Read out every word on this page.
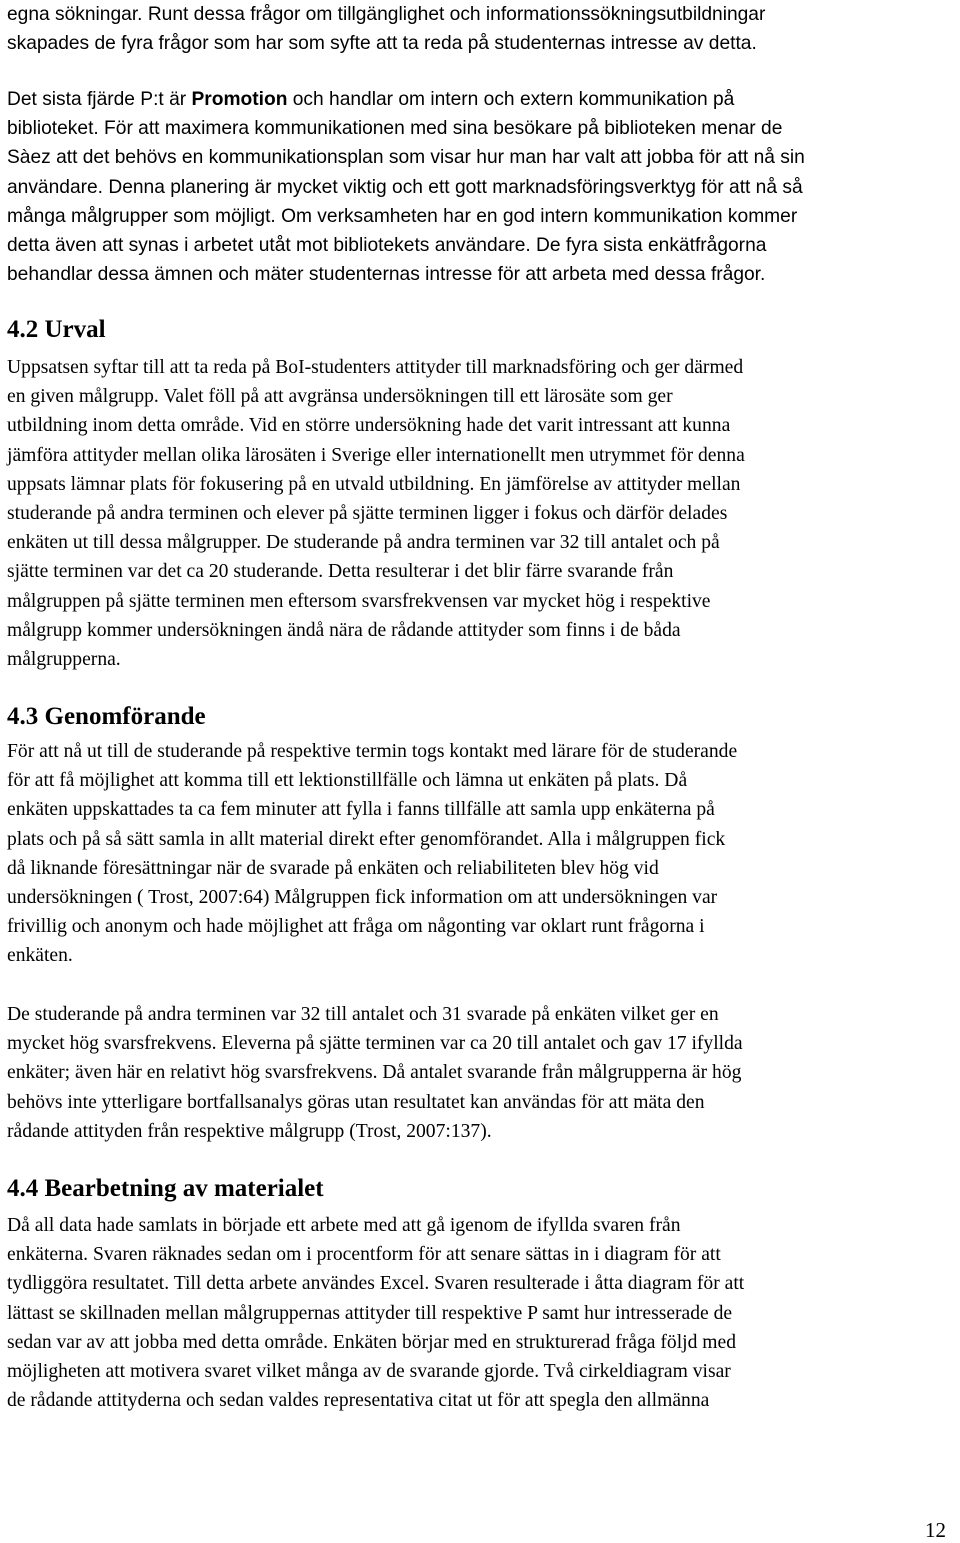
egna sökningar. Runt dessa frågor om tillgänglighet och informationssökningsutbildningar
skapades de fyra frågor som har som syfte att ta reda på studenternas intresse av detta.

Det sista fjärde P:t är Promotion och handlar om intern och extern kommunikation på
biblioteket. För att maximera kommunikationen med sina besökare på biblioteken menar de
Sàez att det behövs en kommunikationsplan som visar hur man har valt att jobba för att nå sin
användare. Denna planering är mycket viktig och ett gott marknadsföringsverktyg för att nå så
många målgrupper som möjligt. Om verksamheten har en god intern kommunikation kommer
detta även att synas i arbetet utåt mot bibliotekets användare. De fyra sista enkätfrågorna
behandlar dessa ämnen och mäter studenternas intresse för att arbeta med dessa frågor.

4.2 Urval

Uppsatsen syftar till att ta reda på BoI-studenters attityder till marknadsföring och ger därmed
en given målgrupp. Valet föll på att avgränsa undersökningen till ett lärosäte som ger
utbildning inom detta område. Vid en större undersökning hade det varit intressant att kunna
jämföra attityder mellan olika lärosäten i Sverige eller internationellt men utrymmet för denna
uppsats lämnar plats för fokusering på en utvald utbildning. En jämförelse av attityder mellan
studerande på andra terminen och elever på sjätte terminen ligger i fokus och därför delades
enkäten ut till dessa målgrupper. De studerande på andra terminen var 32 till antalet och på
sjätte terminen var det ca 20 studerande. Detta resulterar i det blir färre svarande från
målgruppen på sjätte terminen men eftersom svarsfrekvensen var mycket hög i respektive
målgrupp kommer undersökningen ändå nära de rådande attityder som finns i de båda
målgrupperna.

4.3 Genomförande

För att nå ut till de studerande på respektive termin togs kontakt med lärare för de studerande
för att få möjlighet att komma till ett lektionstillfälle och lämna ut enkäten på plats. Då
enkäten uppskattades ta ca fem minuter att fylla i fanns tillfälle att samla upp enkäterna på
plats och på så sätt samla in allt material direkt efter genomförandet. Alla i målgruppen fick
då liknande föresättningar när de svarade på enkäten och reliabiliteten blev hög vid
undersökningen ( Trost, 2007:64) Målgruppen fick information om att undersökningen var
frivillig och anonym och hade möjlighet att fråga om någonting var oklart runt frågorna i
enkäten.

De studerande på andra terminen var 32 till antalet och 31 svarade på enkäten vilket ger en
mycket hög svarsfrekvens. Eleverna på sjätte terminen var ca 20 till antalet och gav 17 ifyllda
enkäter; även här en relativt hög svarsfrekvens. Då antalet svarande från målgrupperna är hög
behövs inte ytterligare bortfallsanalys göras utan resultatet kan användas för att mäta den
rådande attityden från respektive målgrupp (Trost, 2007:137).

4.4 Bearbetning av materialet

Då all data hade samlats in började ett arbete med att gå igenom de ifyllda svaren från
enkäterna. Svaren räknades sedan om i procentform för att senare sättas in i diagram för att
tydliggöra resultatet. Till detta arbete användes Excel. Svaren resulterade i åtta diagram för att
lättast se skillnaden mellan målgruppernas attityder till respektive P samt hur intresserade de
sedan var av att jobba med detta område. Enkäten börjar med en strukturerad fråga följd med
möjligheten att motivera svaret vilket många av de svarande gjorde. Två cirkeldiagram visar
de rådande attityderna och sedan valdes representativa citat ut för att spegla den allmänna

12
